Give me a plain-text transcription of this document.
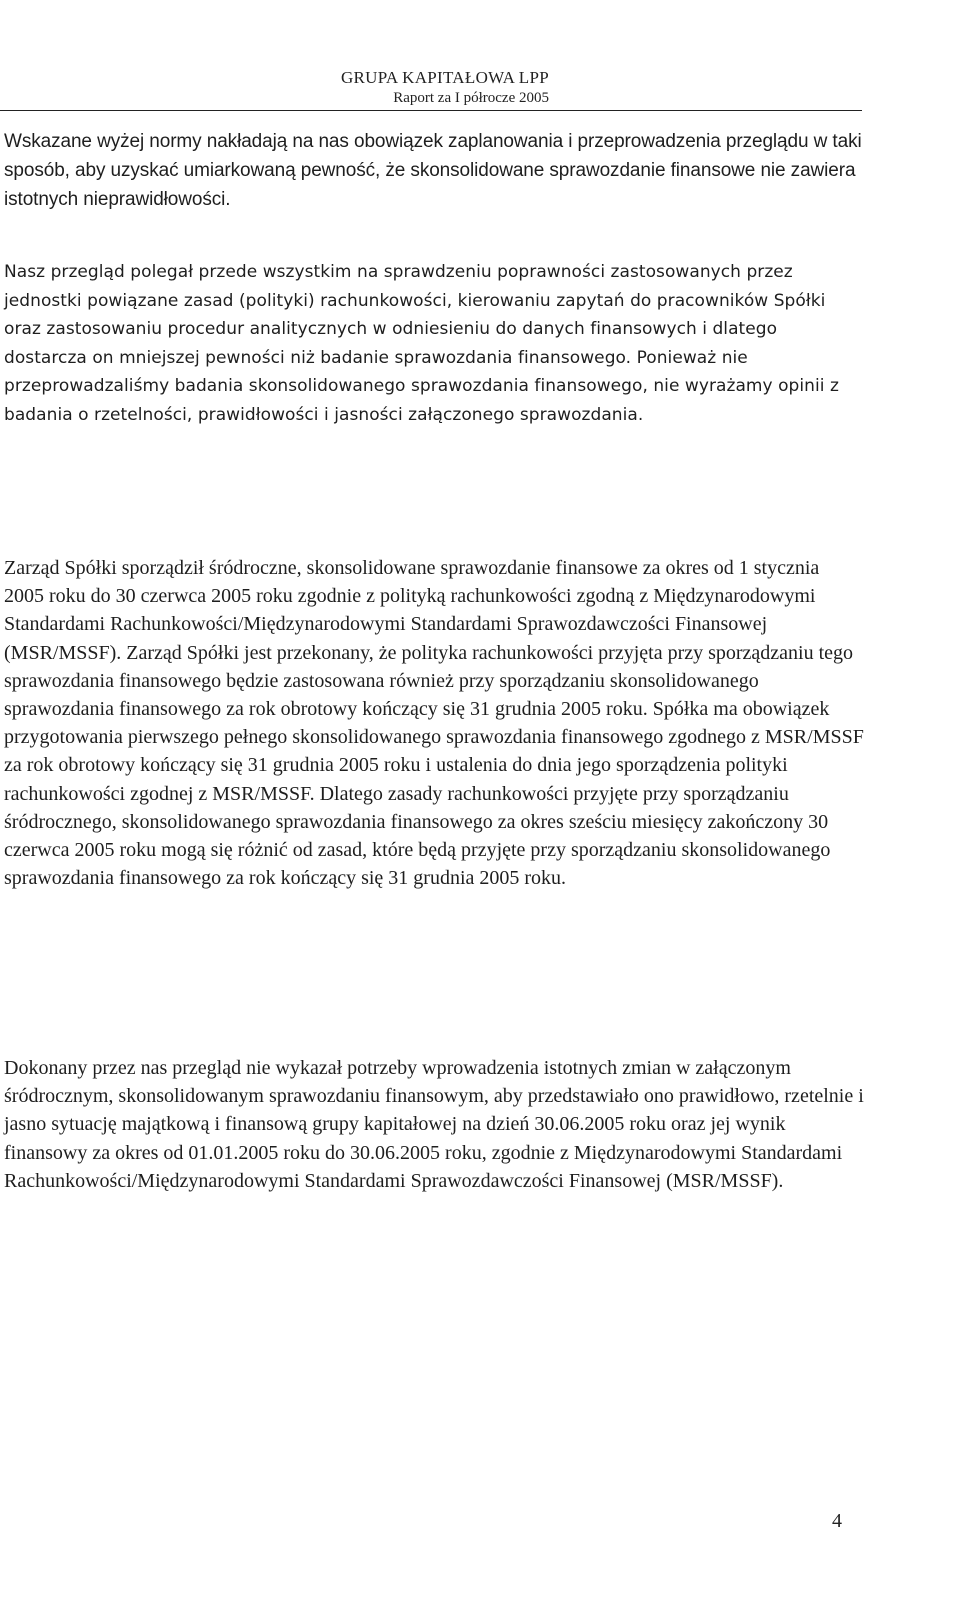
GRUPA KAPITAŁOWA LPP
Raport za I półrocze 2005

Wskazane wyżej normy nakładają na nas obowiązek zaplanowania i przeprowadzenia przeglądu w taki sposób, aby uzyskać umiarkowaną pewność, że skonsolidowane sprawozdanie finansowe nie zawiera istotnych nieprawidłowości.

Nasz przegląd polegał przede wszystkim na sprawdzeniu poprawności zastosowanych przez jednostki powiązane zasad (polityki) rachunkowości, kierowaniu zapytań do pracowników Spółki oraz zastosowaniu procedur analitycznych w odniesieniu do danych finansowych i dlatego dostarcza on mniejszej pewności niż badanie sprawozdania finansowego. Ponieważ nie przeprowadzaliśmy badania skonsolidowanego sprawozdania finansowego, nie wyrażamy opinii z badania o rzetelności, prawidłowości i jasności załączonego sprawozdania.

Zarząd Spółki sporządził śródroczne, skonsolidowane sprawozdanie finansowe za okres od 1 stycznia 2005 roku do 30 czerwca 2005 roku zgodnie z polityką rachunkowości zgodną z Międzynarodowymi Standardami Rachunkowości/Międzynarodowymi Standardami Sprawozdawczości Finansowej (MSR/MSSF). Zarząd Spółki jest przekonany, że polityka rachunkowości przyjęta przy sporządzaniu tego sprawozdania finansowego będzie zastosowana również przy sporządzaniu skonsolidowanego sprawozdania finansowego za rok obrotowy kończący się 31 grudnia 2005 roku. Spółka ma obowiązek przygotowania pierwszego pełnego skonsolidowanego sprawozdania finansowego zgodnego z MSR/MSSF za rok obrotowy kończący się 31 grudnia 2005 roku i ustalenia do dnia jego sporządzenia polityki rachunkowości zgodnej z MSR/MSSF. Dlatego zasady rachunkowości przyjęte przy sporządzaniu śródrocznego, skonsolidowanego sprawozdania finansowego za okres sześciu miesięcy zakończony 30 czerwca 2005 roku mogą się różnić od zasad, które będą przyjęte przy sporządzaniu skonsolidowanego sprawozdania finansowego za rok kończący się 31 grudnia 2005 roku.

Dokonany przez nas przegląd nie wykazał potrzeby wprowadzenia istotnych zmian w załączonym śródrocznym, skonsolidowanym sprawozdaniu finansowym, aby przedstawiało ono prawidłowo, rzetelnie i jasno sytuację majątkową i finansową grupy kapitałowej na dzień 30.06.2005 roku oraz jej wynik finansowy za okres od 01.01.2005 roku do 30.06.2005 roku, zgodnie z Międzynarodowymi Standardami Rachunkowości/Międzynarodowymi Standardami Sprawozdawczości Finansowej (MSR/MSSF).

4
